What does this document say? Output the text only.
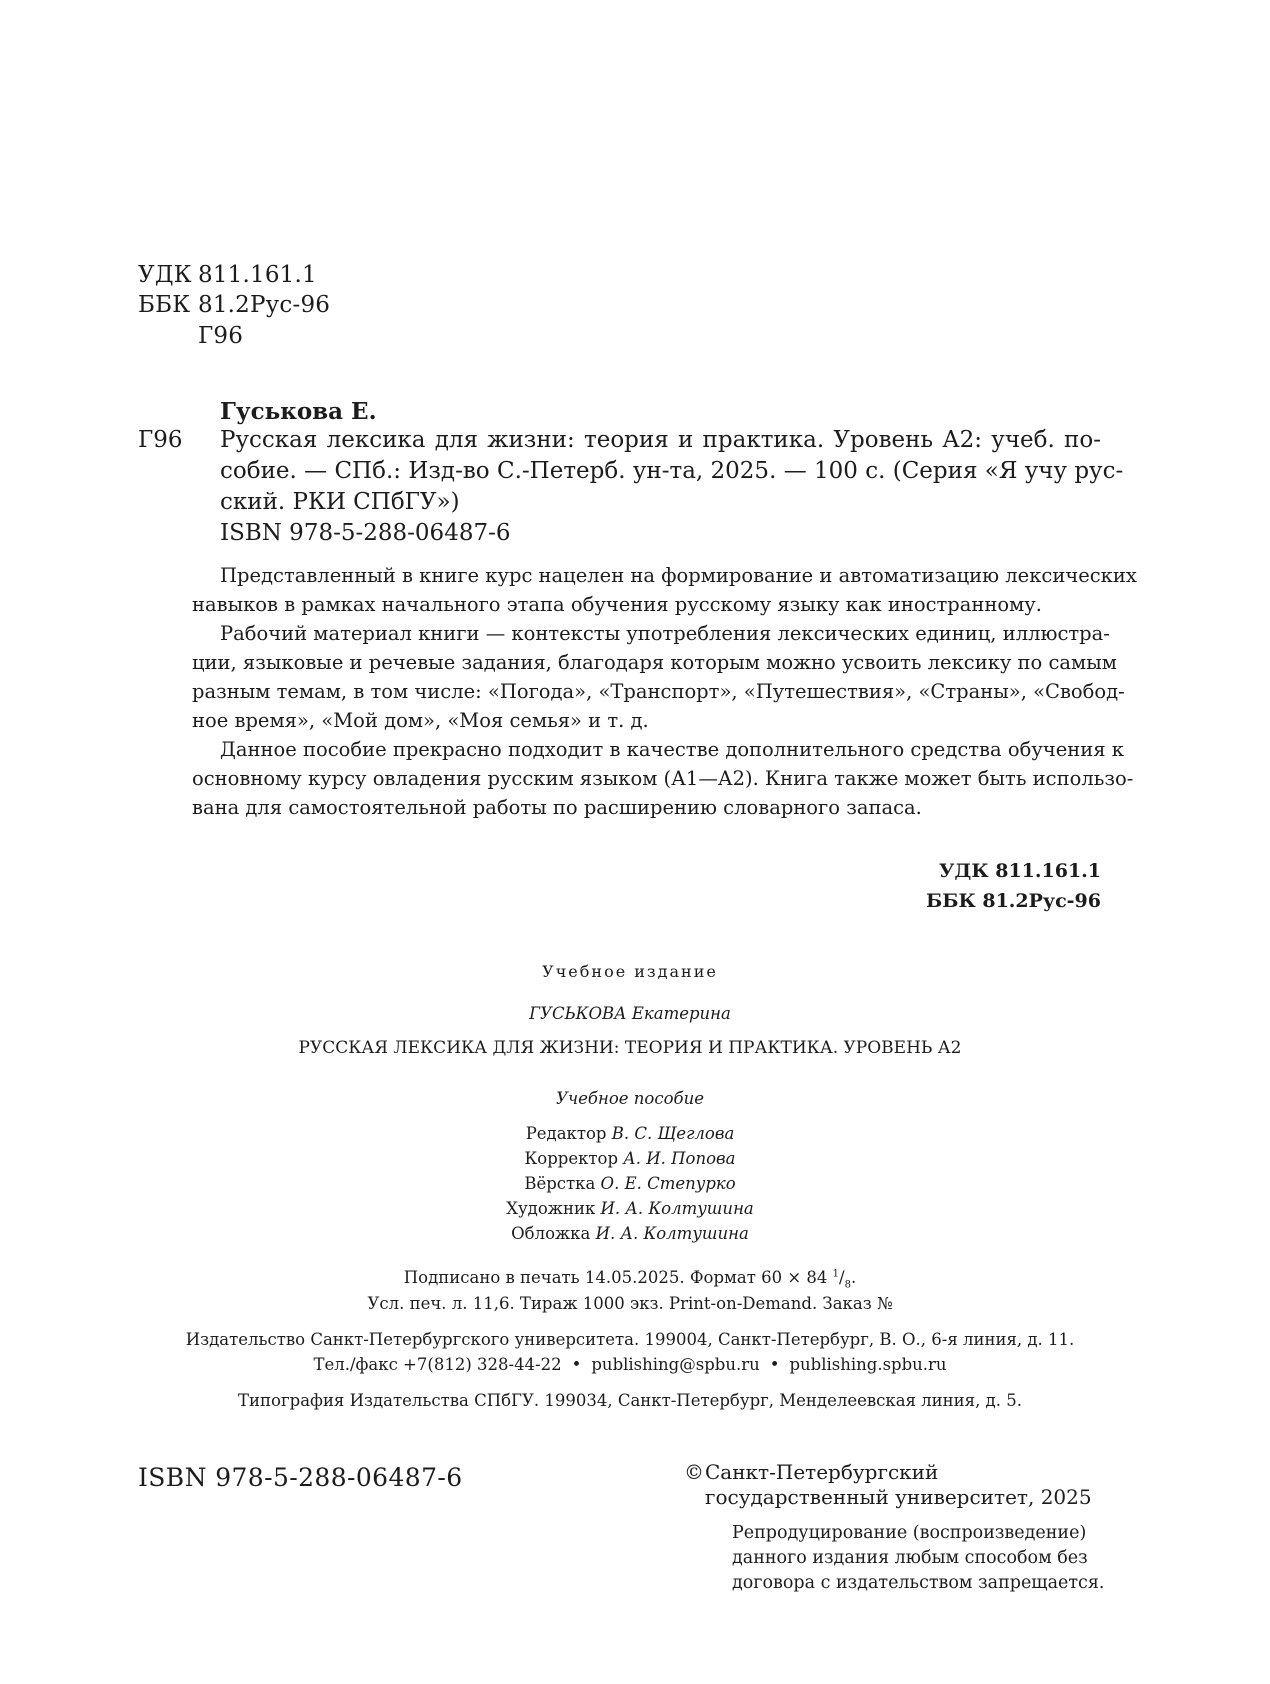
УДК 811.161.1
ББК 81.2Рус-96
Г96
Гуськова Е.
Г96 Русская лексика для жизни: теория и практика. Уровень А2: учеб. по-
собие. — СПб.: Изд-во С.-Петерб. ун-та, 2025. — 100 с. (Серия «Я учу рус-
ский. РКИ СПбГУ»)
ISBN 978-5-288-06487-6
Представленный в книге курс нацелен на формирование и автоматизацию лексических
навыков в рамках начального этапа обучения русскому языку как иностранному.
Рабочий материал книги — контексты употребления лексических единиц, иллюстра-
ции, языковые и речевые задания, благодаря которым можно усвоить лексику по самым
разным темам, в том числе: «Погода», «Транспорт», «Путешествия», «Страны», «Свобод-
ное время», «Мой дом», «Моя семья» и т. д.
Данное пособие прекрасно подходит в качестве дополнительного средства обучения к
основному курсу овладения русским языком (А1—А2). Книга также может быть использо-
вана для самостоятельной работы по расширению словарного запаса.
УДК 811.161.1
ББК 81.2Рус-96
Учебное издание
ГУСЬКОВА Екатерина
РУССКАЯ ЛЕКСИКА ДЛЯ ЖИЗНИ: ТЕОРИЯ И ПРАКТИКА. УРОВЕНЬ А2
Учебное пособие
Редактор В. С. Щеглова
Корректор А. И. Попова
Вёрстка О. Е. Степурко
Художник И. А. Колтушина
Обложка И. А. Колтушина
Подписано в печать 14.05.2025. Формат 60 × 84 $^1/_8$.
Усл. печ. л. 11,6. Тираж 1000 экз. Print-on-Demand. Заказ №
Издательство Санкт-Петербургского университета. 199004, Санкт-Петербург, В. О., 6-я линия, д. 11.
Тел./факс +7(812) 328-44-22 • publishing@spbu.ru • publishing.spbu.ru
Типография Издательства СПбГУ. 199034, Санкт-Петербург, Менделеевская линия, д. 5.
ISBN 978-5-288-06487-6	© Санкт-Петербургский
государственный университет, 2025
Репродуцирование (воспроизведение)
данного издания любым способом без
договора с издательством запрещается.
